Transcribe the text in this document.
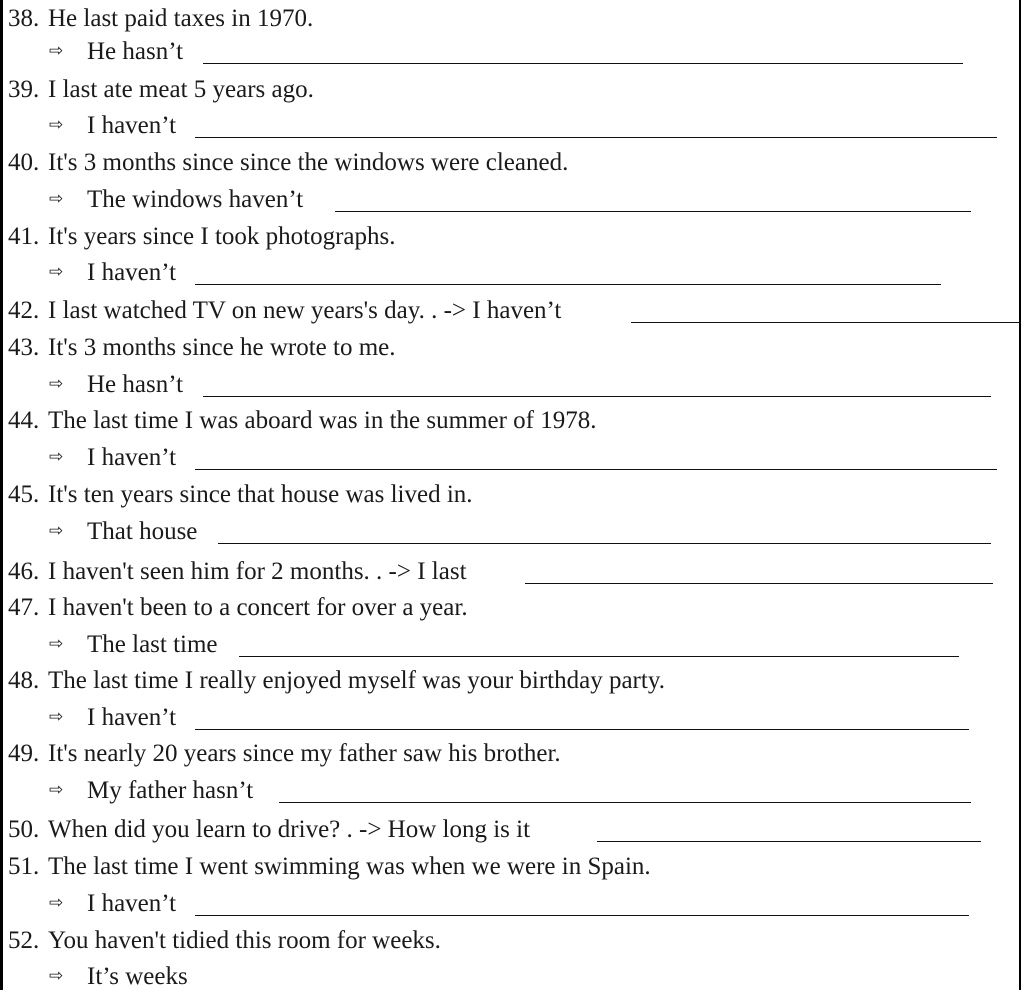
38. He last paid taxes in 1970.
⇨ He hasn’t
39. I last ate meat 5 years ago.
⇨ I haven’t
40. It's 3 months since since the windows were cleaned.
⇨ The windows haven’t
41. It's years since I took photographs.
⇨ I haven’t
42. I last watched TV on new years's day. . -> I haven’t
43. It's 3 months since he wrote to me.
⇨ He hasn’t
44. The last time I was aboard was in the summer of 1978.
⇨ I haven’t
45. It's ten years since that house was lived in.
⇨ That house
46. I haven't seen him for 2 months. . -> I last
47. I haven't been to a concert for over a year.
⇨ The last time
48. The last time I really enjoyed myself was your birthday party.
⇨ I haven’t
49. It's nearly 20 years since my father saw his brother.
⇨ My father hasn’t
50. When did you learn to drive? . -> How long is it
51. The last time I went swimming was when we were in Spain.
⇨ I haven’t
52. You haven't tidied this room for weeks.
⇨ It’s weeks
